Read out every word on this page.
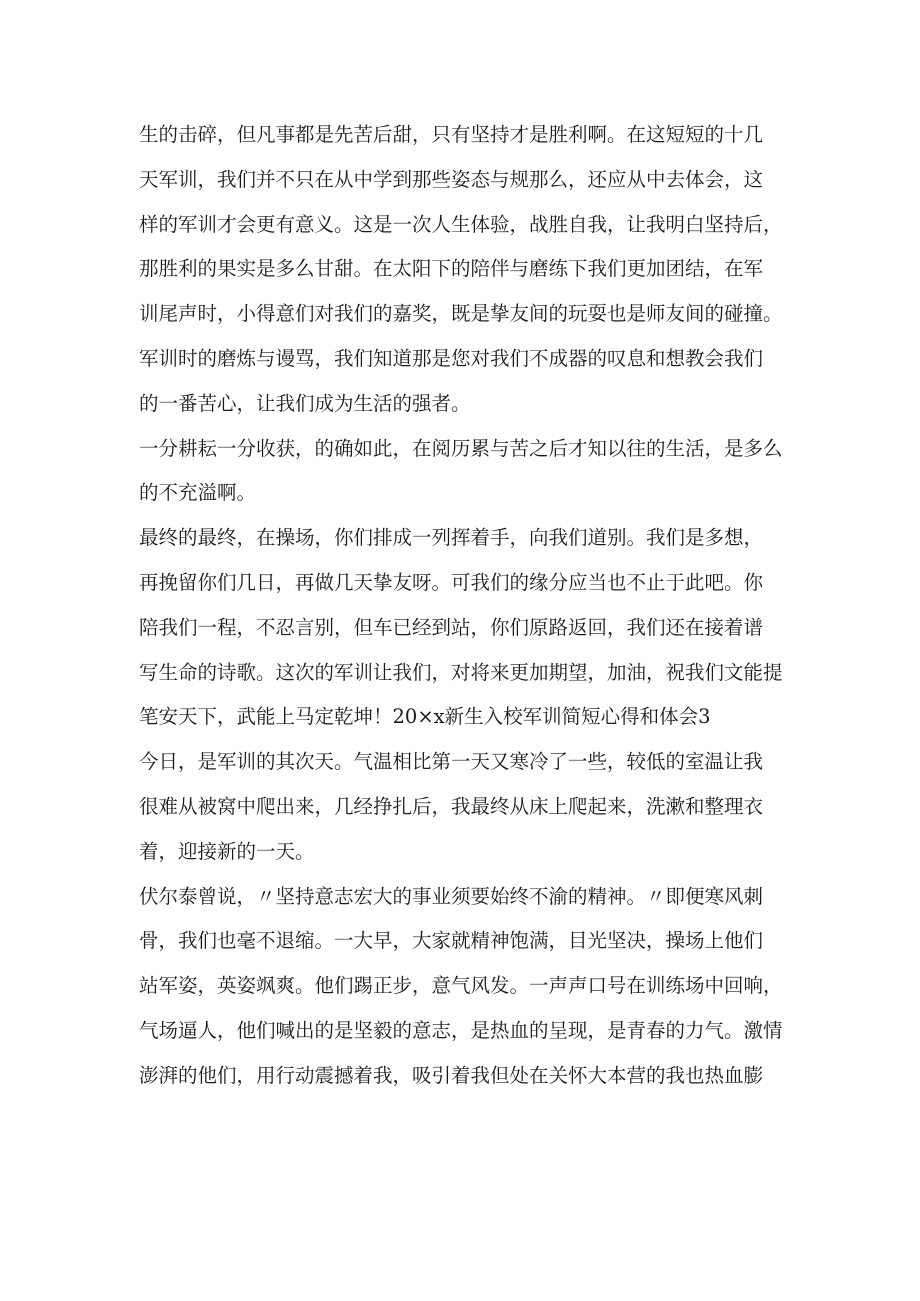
生的击碎，但凡事都是先苦后甜，只有坚持才是胜利啊。在这短短的十几
天军训，我们并不只在从中学到那些姿态与规那么，还应从中去体会，这
样的军训才会更有意义。这是一次人生体验，战胜自我，让我明白坚持后，
那胜利的果实是多么甘甜。在太阳下的陪伴与磨练下我们更加团结，在军
训尾声时，小得意们对我们的嘉奖，既是挚友间的玩耍也是师友间的碰撞。
军训时的磨炼与谩骂，我们知道那是您对我们不成器的叹息和想教会我们
的一番苦心，让我们成为生活的强者。
一分耕耘一分收获，的确如此，在阅历累与苦之后才知以往的生活，是多么
的不充溢啊。
最终的最终，在操场，你们排成一列挥着手，向我们道别。我们是多想，
再挽留你们几日，再做几天挚友呀。可我们的缘分应当也不止于此吧。你
陪我们一程，不忍言别，但车已经到站，你们原路返回，我们还在接着谱
写生命的诗歌。这次的军训让我们，对将来更加期望，加油，祝我们文能提
笔安天下，武能上马定乾坤！20×x新生入校军训简短心得和体会3
今日，是军训的其次天。气温相比第一天又寒冷了一些，较低的室温让我
很难从被窝中爬出来，几经挣扎后，我最终从床上爬起来，洗漱和整理衣
着，迎接新的一天。
伏尔泰曾说，〃坚持意志宏大的事业须要始终不渝的精神。〃即便寒风刺
骨，我们也毫不退缩。一大早，大家就精神饱满，目光坚决，操场上他们
站军姿，英姿飒爽。他们踢正步，意气风发。一声声口号在训练场中回响，
气场逼人，他们喊出的是坚毅的意志，是热血的呈现，是青春的力气。激情
澎湃的他们，用行动震撼着我，吸引着我但处在关怀大本营的我也热血膨
